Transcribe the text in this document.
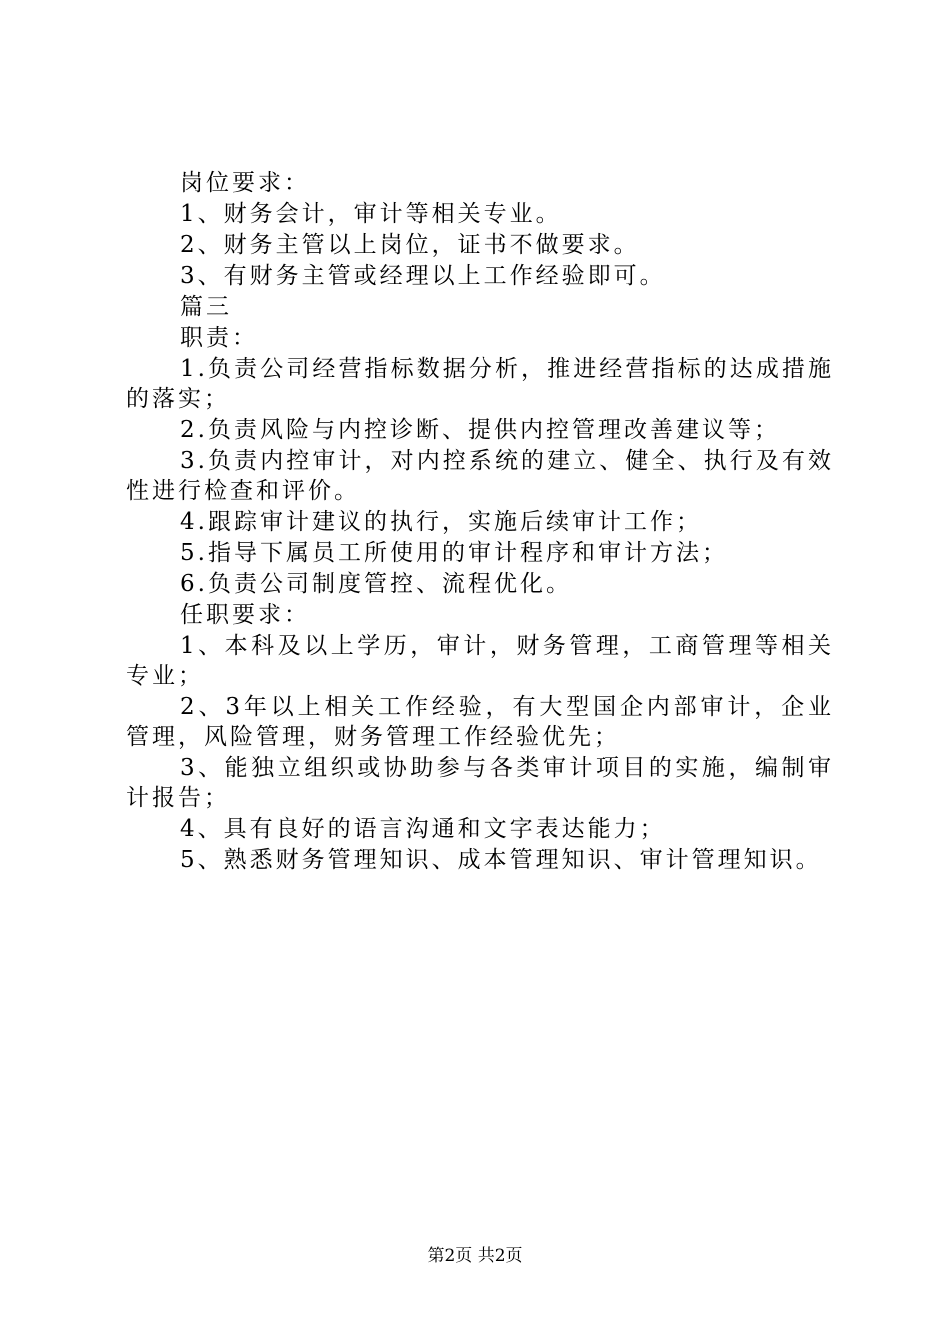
岗位要求：

1、财务会计，审计等相关专业。

2、财务主管以上岗位，证书不做要求。

3、有财务主管或经理以上工作经验即可。

篇三

职责：

1.负责公司经营指标数据分析，推进经营指标的达成措施的落实；

2.负责风险与内控诊断、提供内控管理改善建议等；

3.负责内控审计，对内控系统的建立、健全、执行及有效性进行检查和评价。

4.跟踪审计建议的执行，实施后续审计工作；

5.指导下属员工所使用的审计程序和审计方法；

6.负责公司制度管控、流程优化。

任职要求：

1、本科及以上学历，审计，财务管理，工商管理等相关专业；

2、3年以上相关工作经验，有大型国企内部审计，企业管理，风险管理，财务管理工作经验优先；

3、能独立组织或协助参与各类审计项目的实施，编制审计报告；

4、具有良好的语言沟通和文字表达能力；

5、熟悉财务管理知识、成本管理知识、审计管理知识。

第2页 共2页
